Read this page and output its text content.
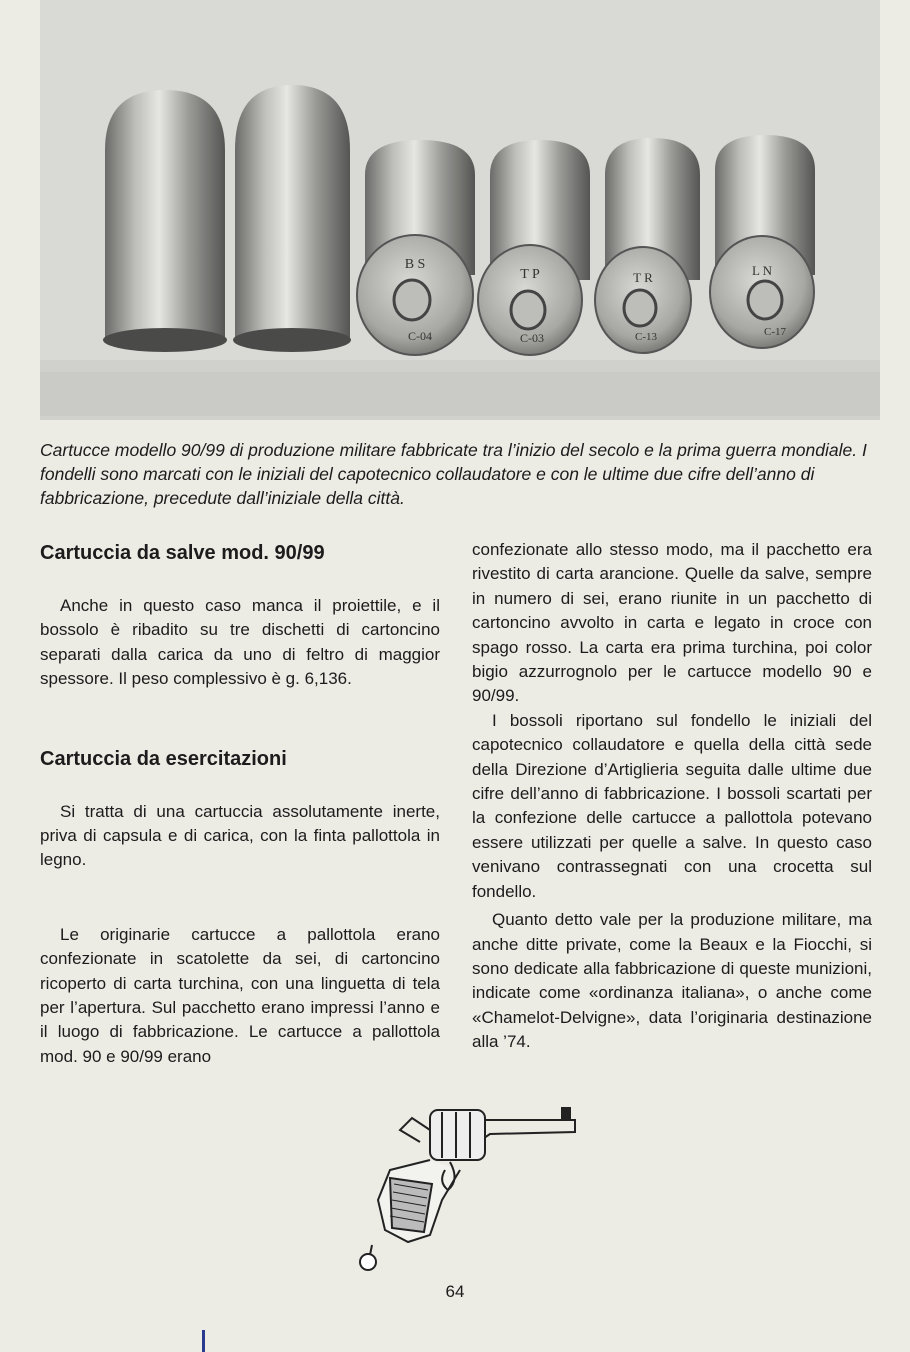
B S
C-04
T P
C-03
T R
C-13
L N
C-17
Cartucce modello 90/99 di produzione militare fabbricate tra l’inizio del secolo e la prima guerra mondiale. I fondelli sono marcati con le iniziali del capotecnico collaudatore e con le ultime due cifre dell’anno di fabbricazione, precedute dall’iniziale della città.
Cartuccia da salve mod. 90/99

Anche in questo caso manca il proiettile, e il bossolo è ribadito su tre dischetti di cartoncino separati dalla carica da uno di feltro di maggior spessore. Il peso complessivo è g. 6,136.

Cartuccia da esercitazioni

Si tratta di una cartuccia assolutamente inerte, priva di capsula e di carica, con la finta pallottola in legno.

Le originarie cartucce a pallottola erano confezionate in scatolette da sei, di cartoncino ricoperto di carta turchina, con una linguetta di tela per l’apertura. Sul pacchetto erano impressi l’anno e il luogo di fabbricazione. Le cartucce a pallottola mod. 90 e 90/99 erano

confezionate allo stesso modo, ma il pacchetto era rivestito di carta arancione. Quelle da salve, sempre in numero di sei, erano riunite in un pacchetto di cartoncino avvolto in carta e legato in croce con spago rosso. La carta era prima turchina, poi color bigio azzurrognolo per le cartucce modello 90 e 90/99.

I bossoli riportano sul fondello le iniziali del capotecnico collaudatore e quella della città sede della Direzione d’Artiglieria seguita dalle ultime due cifre dell’anno di fabbricazione. I bossoli scartati per la confezione delle cartucce a pallottola potevano essere utilizzati per quelle a salve. In questo caso venivano contrassegnati con una crocetta sul fondello.

Quanto detto vale per la produzione militare, ma anche ditte private, come la Beaux e la Fiocchi, si sono dedicate alla fabbricazione di queste munizioni, indicate come «ordinanza italiana», o anche come «Chamelot-Delvigne», data l’originaria destinazione alla ’74.

64
